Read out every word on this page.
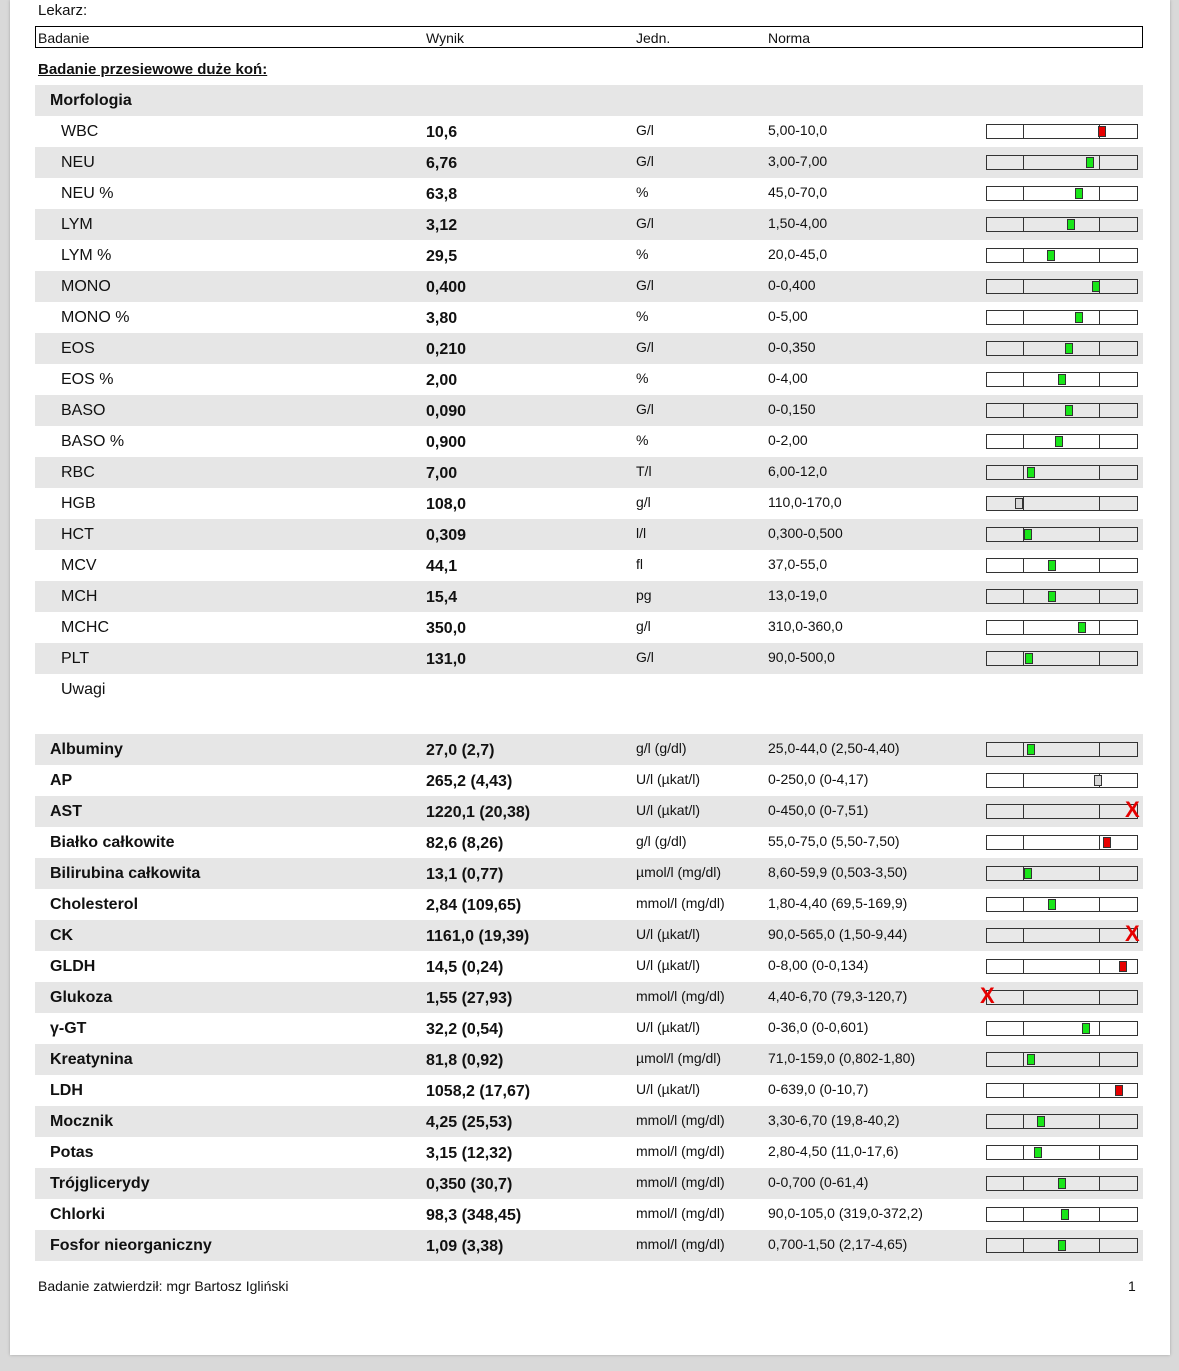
Lekarz:
Badanie	Wynik	Jedn.	Norma
Badanie przesiewowe duże koń:
Morfologia
WBC	10,6	G/l	5,00-10,0
NEU	6,76	G/l	3,00-7,00
NEU %	63,8	%	45,0-70,0
LYM	3,12	G/l	1,50-4,00
LYM %	29,5	%	20,0-45,0
MONO	0,400	G/l	0-0,400
MONO %	3,80	%	0-5,00
EOS	0,210	G/l	0-0,350
EOS %	2,00	%	0-4,00
BASO	0,090	G/l	0-0,150
BASO %	0,900	%	0-2,00
RBC	7,00	T/l	6,00-12,0
HGB	108,0	g/l	110,0-170,0
HCT	0,309	l/l	0,300-0,500
MCV	44,1	fl	37,0-55,0
MCH	15,4	pg	13,0-19,0
MCHC	350,0	g/l	310,0-360,0
PLT	131,0	G/l	90,0-500,0
Uwagi
Albuminy	27,0 (2,7)	g/l (g/dl)	25,0-44,0 (2,50-4,40)
AP	265,2 (4,43)	U/l (µkat/l)	0-250,0 (0-4,17)
AST	1220,1 (20,38)	U/l (µkat/l)	0-450,0 (0-7,51)	X
Białko całkowite	82,6 (8,26)	g/l (g/dl)	55,0-75,0 (5,50-7,50)
Bilirubina całkowita	13,1 (0,77)	µmol/l (mg/dl)	8,60-59,9 (0,503-3,50)
Cholesterol	2,84 (109,65)	mmol/l (mg/dl)	1,80-4,40 (69,5-169,9)
CK	1161,0 (19,39)	U/l (µkat/l)	90,0-565,0 (1,50-9,44)	X
GLDH	14,5 (0,24)	U/l (µkat/l)	0-8,00 (0-0,134)
Glukoza	1,55 (27,93)	mmol/l (mg/dl)	4,40-6,70 (79,3-120,7)	X
γ-GT	32,2 (0,54)	U/l (µkat/l)	0-36,0 (0-0,601)
Kreatynina	81,8 (0,92)	µmol/l (mg/dl)	71,0-159,0 (0,802-1,80)
LDH	1058,2 (17,67)	U/l (µkat/l)	0-639,0 (0-10,7)
Mocznik	4,25 (25,53)	mmol/l (mg/dl)	3,30-6,70 (19,8-40,2)
Potas	3,15 (12,32)	mmol/l (mg/dl)	2,80-4,50 (11,0-17,6)
Trójglicerydy	0,350 (30,7)	mmol/l (mg/dl)	0-0,700 (0-61,4)
Chlorki	98,3 (348,45)	mmol/l (mg/dl)	90,0-105,0 (319,0-372,2)
Fosfor nieorganiczny	1,09 (3,38)	mmol/l (mg/dl)	0,700-1,50 (2,17-4,65)
Badanie zatwierdził: mgr Bartosz Igliński	1
